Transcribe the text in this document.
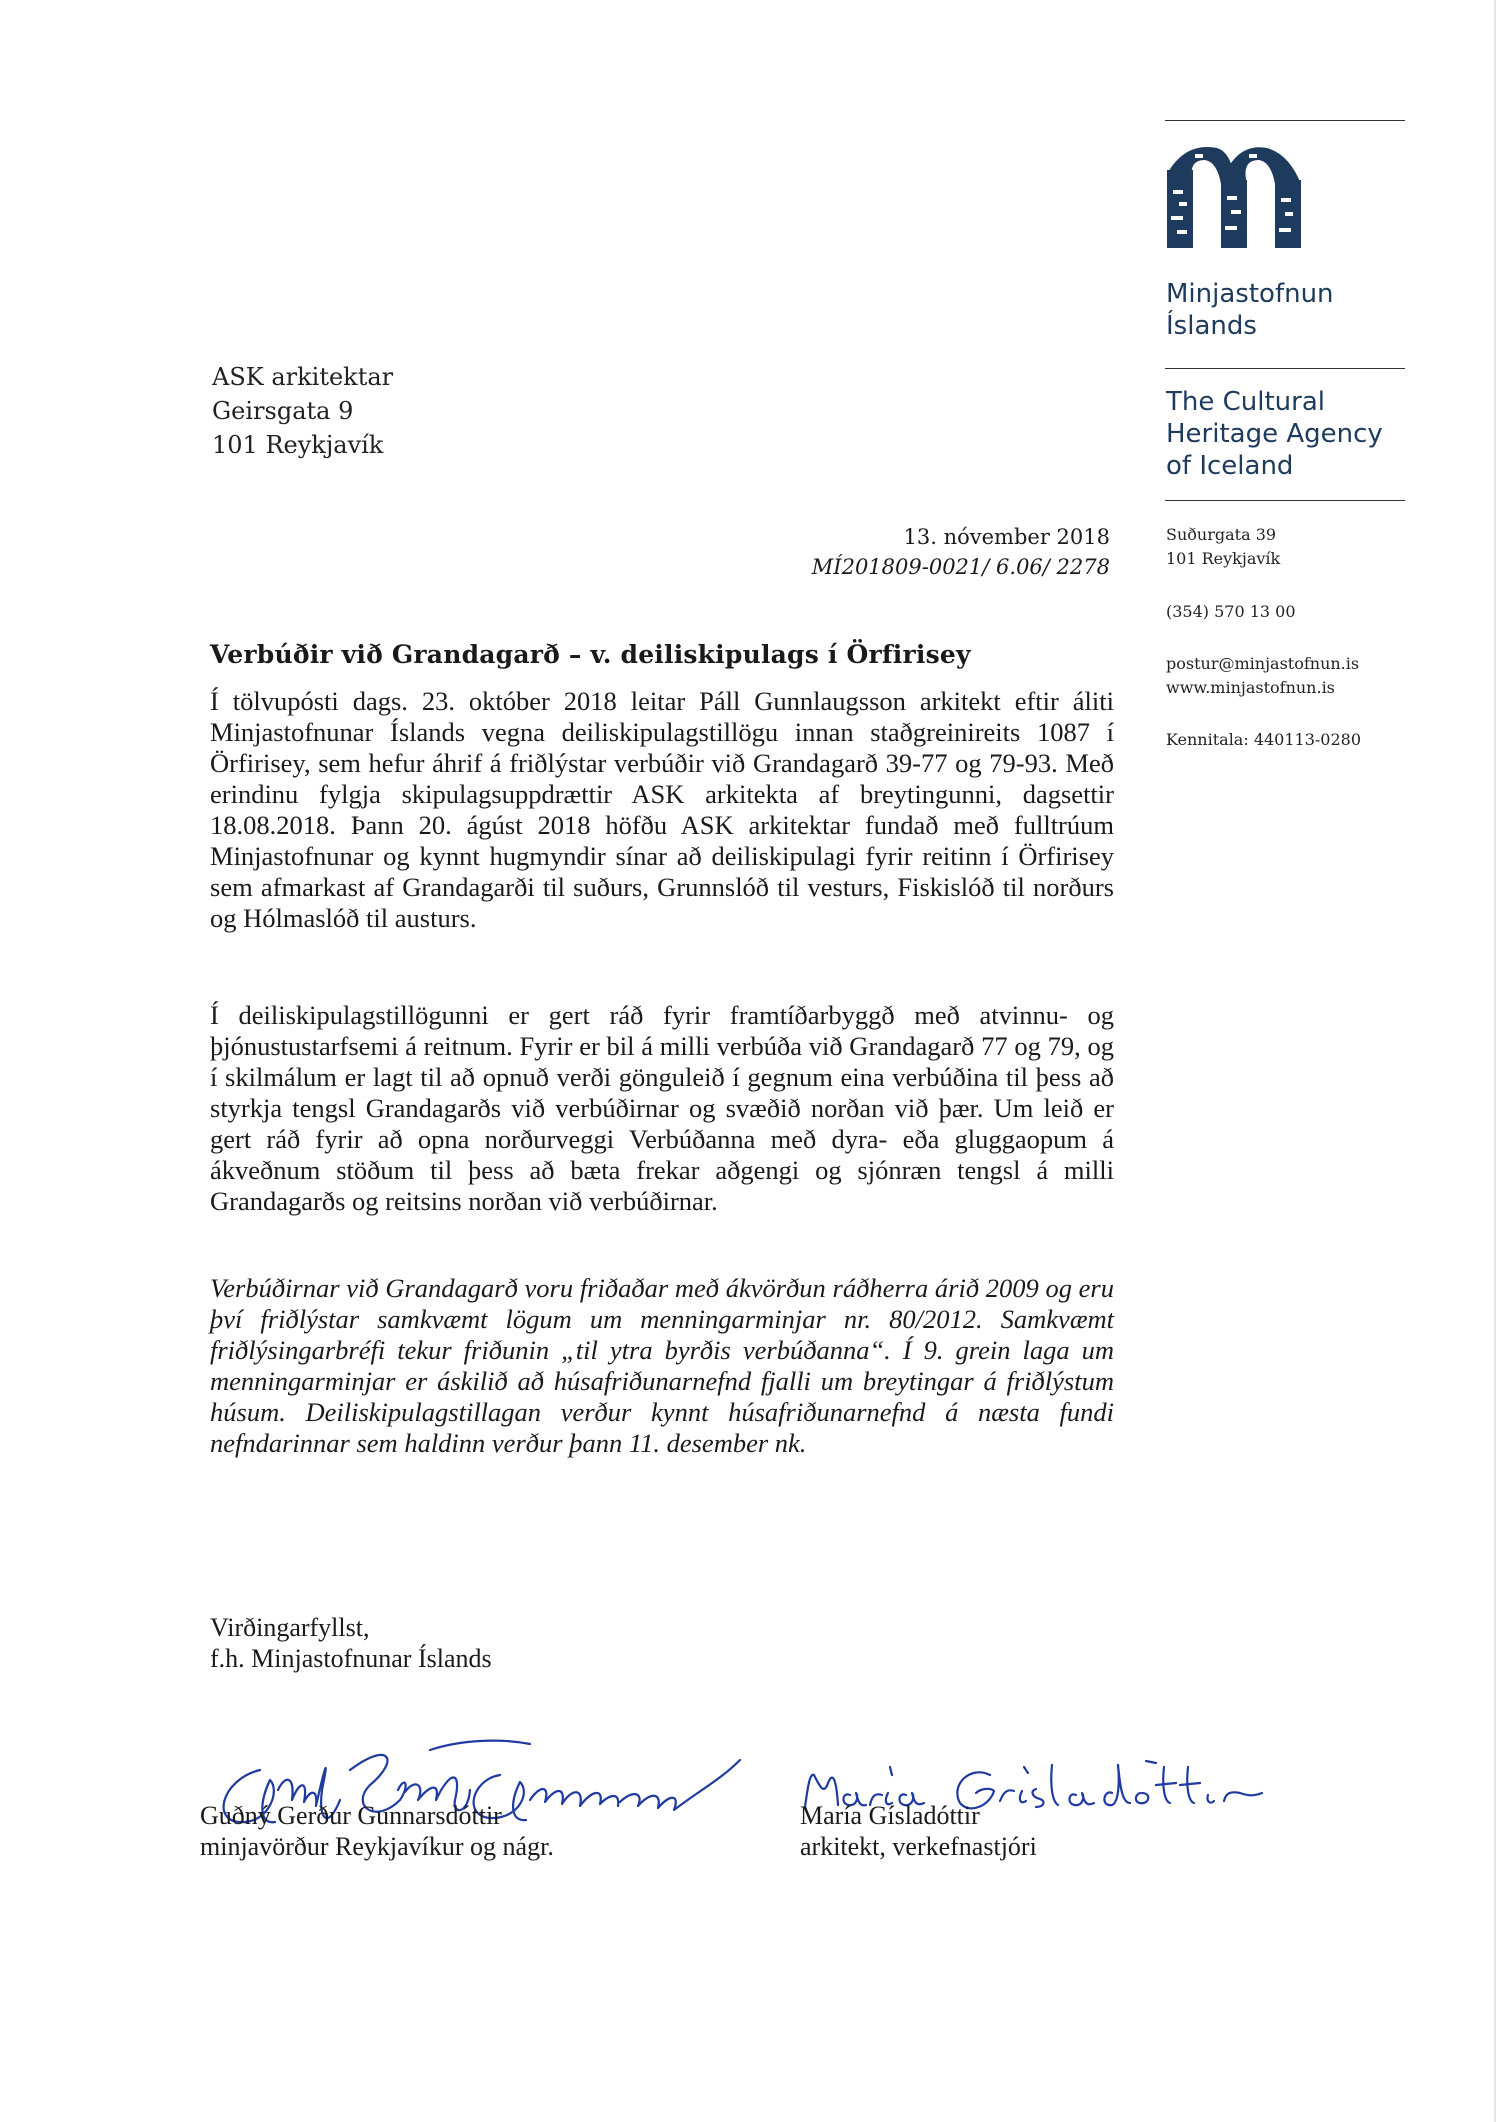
Minjastofnun
Íslands
The Cultural
Heritage Agency
of Iceland
Suðurgata 39
101 Reykjavík
(354) 570 13 00
postur@minjastofnun.is
www.minjastofnun.is
Kennitala: 440113-0280
ASK arkitektar
Geirsgata 9
101 Reykjavík
13. nóvember 2018
MÍ201809-0021/ 6.06/ 2278
Verbúðir við Grandagarð – v. deiliskipulags í Örfirisey
Í tölvupósti dags. 23. október 2018 leitar Páll Gunnlaugsson arkitekt eftir áliti Minjastofnunar Íslands vegna deiliskipulagstillögu innan staðgreinireits 1087 í Örfirisey, sem hefur áhrif á friðlýstar verbúðir við Grandagarð 39-77 og 79-93. Með erindinu fylgja skipulagsuppdrættir ASK arkitekta af breytingunni, dagsettir 18.08.2018. Þann 20. ágúst 2018 höfðu ASK arkitektar fundað með fulltrúum Minjastofnunar og kynnt hugmyndir sínar að deiliskipulagi fyrir reitinn í Örfirisey sem afmarkast af Grandagarði til suðurs, Grunnslóð til vesturs, Fiskislóð til norðurs og Hólmaslóð til austurs.
Í deiliskipulagstillögunni er gert ráð fyrir framtíðarbyggð með atvinnu- og þjónustustarfsemi á reitnum. Fyrir er bil á milli verbúða við Grandagarð 77 og 79, og í skilmálum er lagt til að opnuð verði gönguleið í gegnum eina verbúðina til þess að styrkja tengsl Grandagarðs við verbúðirnar og svæðið norðan við þær. Um leið er gert ráð fyrir að opna norðurveggi Verbúðanna með dyra- eða gluggaopum á ákveðnum stöðum til þess að bæta frekar aðgengi og sjónræn tengsl á milli Grandagarðs og reitsins norðan við verbúðirnar.
Verbúðirnar við Grandagarð voru friðaðar með ákvörðun ráðherra árið 2009 og eru því friðlýstar samkvæmt lögum um menningarminjar nr. 80/2012. Samkvæmt friðlýsingarbréfi tekur friðunin „til ytra byrðis verbúðanna“. Í 9. grein laga um menningarminjar er áskilið að húsafriðunarnefnd fjalli um breytingar á friðlýstum húsum. Deiliskipulagstillagan verður kynnt húsafriðunarnefnd á næsta fundi nefndarinnar sem haldinn verður þann 11. desember nk.
Virðingarfyllst,
f.h. Minjastofnunar Íslands
Guðný Gerður Gunnarsdóttir
minjavörður Reykjavíkur og nágr.
María Gísladóttir
arkitekt, verkefnastjóri
